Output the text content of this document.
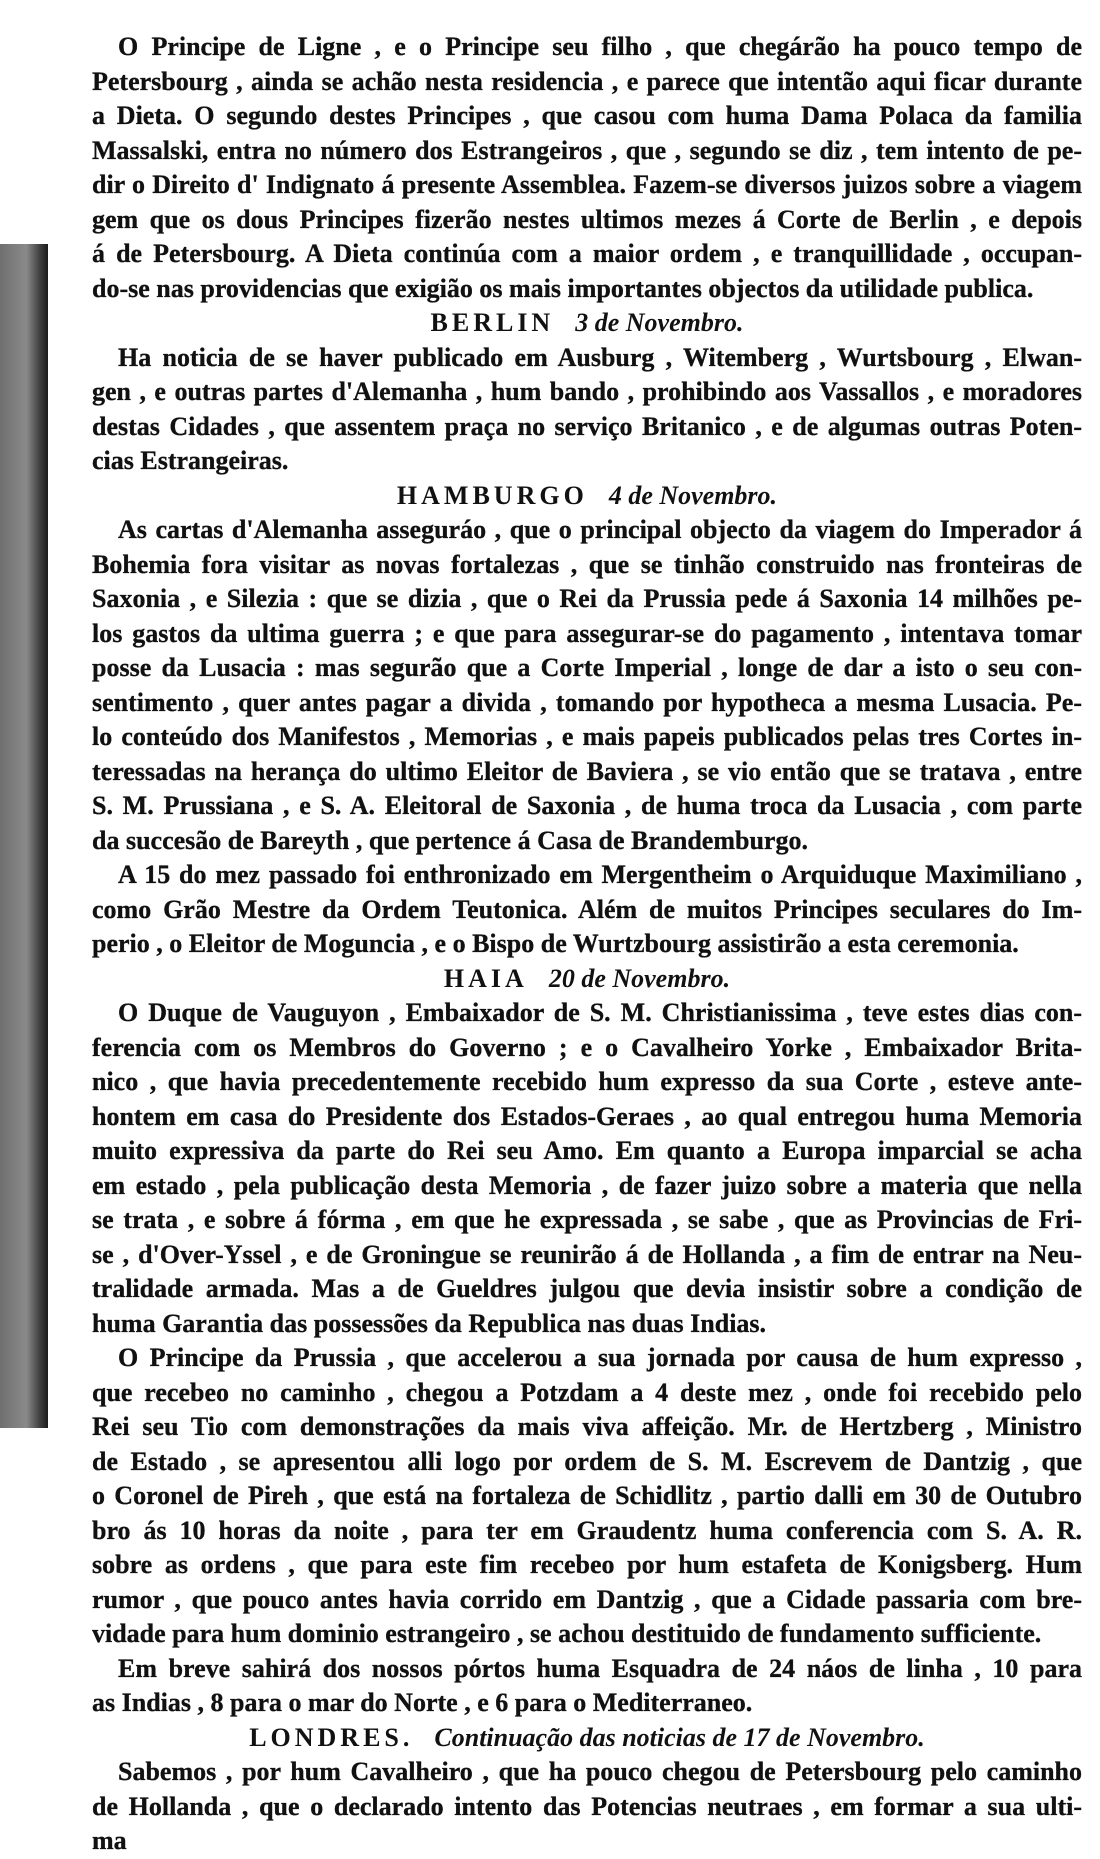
O Principe de Ligne , e o Principe seu filho , que chegárão ha pouco tempo de
Petersbourg , ainda se achão nesta residencia , e parece que intentão aqui ficar durante
a Dieta. O segundo destes Principes , que casou com huma Dama Polaca da familia
Massalski, entra no número dos Estrangeiros , que , segundo se diz , tem intento de pe-
dir o Direito d' Indignato á presente Assemblea. Fazem-se diversos juizos sobre a viagem
gem que os dous Principes fizerão nestes ultimos mezes á Corte de Berlin , e depois
á de Petersbourg. A Dieta continúa com a maior ordem , e tranquillidade , occupan-
do-se nas providencias que exigião os mais importantes objectos da utilidade publica.
BERLIN 3 de Novembro.
Ha noticia de se haver publicado em Ausburg , Witemberg , Wurtsbourg , Elwan-
gen , e outras partes d'Alemanha , hum bando , prohibindo aos Vassallos , e moradores
destas Cidades , que assentem praça no serviço Britanico , e de algumas outras Poten-
cias Estrangeiras.
HAMBURGO 4 de Novembro.
As cartas d'Alemanha asseguráo , que o principal objecto da viagem do Imperador á
Bohemia fora visitar as novas fortalezas , que se tinhão construido nas fronteiras de
Saxonia , e Silezia : que se dizia , que o Rei da Prussia pede á Saxonia 14 milhões pe-
los gastos da ultima guerra ; e que para assegurar-se do pagamento , intentava tomar
posse da Lusacia : mas segurão que a Corte Imperial , longe de dar a isto o seu con-
sentimento , quer antes pagar a divida , tomando por hypotheca a mesma Lusacia. Pe-
lo conteúdo dos Manifestos , Memorias , e mais papeis publicados pelas tres Cortes in-
teressadas na herança do ultimo Eleitor de Baviera , se vio então que se tratava , entre
S. M. Prussiana , e S. A. Eleitoral de Saxonia , de huma troca da Lusacia , com parte
da succesão de Bareyth , que pertence á Casa de Brandemburgo.
A 15 do mez passado foi enthronizado em Mergentheim o Arquiduque Maximiliano ,
como Grão Mestre da Ordem Teutonica. Além de muitos Principes seculares do Im-
perio , o Eleitor de Moguncia , e o Bispo de Wurtzbourg assistirão a esta ceremonia.
HAIA 20 de Novembro.
O Duque de Vauguyon , Embaixador de S. M. Christianissima , teve estes dias con-
ferencia com os Membros do Governo ; e o Cavalheiro Yorke , Embaixador Brita-
nico , que havia precedentemente recebido hum expresso da sua Corte , esteve ante-
hontem em casa do Presidente dos Estados-Geraes , ao qual entregou huma Memoria
muito expressiva da parte do Rei seu Amo. Em quanto a Europa imparcial se acha
em estado , pela publicação desta Memoria , de fazer juizo sobre a materia que nella
se trata , e sobre á fórma , em que he expressada , se sabe , que as Provincias de Fri-
se , d'Over-Yssel , e de Groningue se reunirão á de Hollanda , a fim de entrar na Neu-
tralidade armada. Mas a de Gueldres julgou que devia insistir sobre a condição de
huma Garantia das possessões da Republica nas duas Indias.
O Principe da Prussia , que accelerou a sua jornada por causa de hum expresso ,
que recebeo no caminho , chegou a Potzdam a 4 deste mez , onde foi recebido pelo
Rei seu Tio com demonstrações da mais viva affeição. Mr. de Hertzberg , Ministro
de Estado , se apresentou alli logo por ordem de S. M. Escrevem de Dantzig , que
o Coronel de Pireh , que está na fortaleza de Schidlitz , partio dalli em 30 de Outubro
bro ás 10 horas da noite , para ter em Graudentz huma conferencia com S. A. R.
sobre as ordens , que para este fim recebeo por hum estafeta de Konigsberg. Hum
rumor , que pouco antes havia corrido em Dantzig , que a Cidade passaria com bre-
vidade para hum dominio estrangeiro , se achou destituido de fundamento sufficiente.
Em breve sahirá dos nossos pórtos huma Esquadra de 24 náos de linha , 10 para
as Indias , 8 para o mar do Norte , e 6 para o Mediterraneo.
LONDRES. Continuação das noticias de 17 de Novembro.
Sabemos , por hum Cavalheiro , que ha pouco chegou de Petersbourg pelo caminho
de Hollanda , que o declarado intento das Potencias neutraes , em formar a sua ulti-
ma
